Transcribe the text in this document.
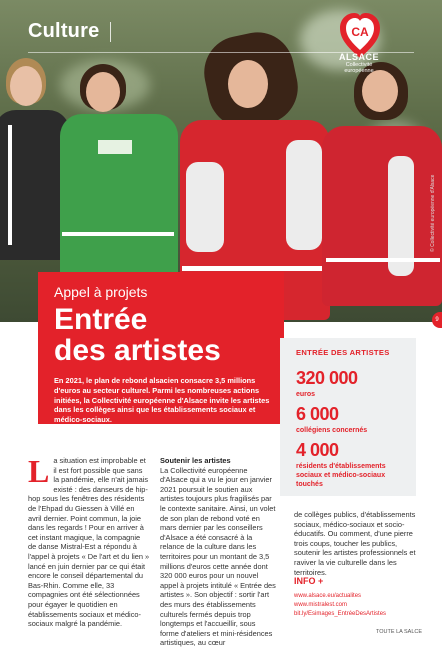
Culture	CA
ALSACE
Collectivité
européenne
© Collectivité européenne d'Alsace
Appel à projets
Entrée
des artistes
En 2021, le plan de rebond alsacien consacre 3,5 millions d'euros au secteur culturel. Parmi les nombreuses actions initiées, la Collectivité européenne d'Alsace invite les artistes dans les collèges ainsi que les établissements sociaux et médico-sociaux.
9
ENTRÉE DES ARTISTES
320 000
euros
6 000
collégiens concernés
4 000
résidents d'établissements sociaux et médico-sociaux touchés
La situation est improbable et il est fort possible que sans la pandémie, elle n'ait jamais existé : des danseurs de hip-hop sous les fenêtres des résidents de l'Ehpad du Giessen à Villé en avril dernier. Point commun, la joie dans les regards ! Pour en arriver à cet instant magique, la compagnie de danse Mistral-Est a répondu à l'appel à projets « De l'art et du lien » lancé en juin dernier par ce qui était encore le conseil départemental du Bas-Rhin. Comme elle, 33 compagnies ont été sélectionnées pour égayer le quotidien en établissements sociaux et médico-sociaux malgré la pandémie.
Soutenir les artistes
La Collectivité européenne d'Alsace qui a vu le jour en janvier 2021 poursuit le soutien aux artistes toujours plus fragilisés par le contexte sanitaire. Ainsi, un volet de son plan de rebond voté en mars dernier par les conseillers d'Alsace a été consacré à la relance de la culture dans les territoires pour un montant de 3,5 millions d'euros cette année dont 320 000 euros pour un nouvel appel à projets intitulé « Entrée des artistes ». Son objectif : sortir l'art des murs des établissements culturels fermés depuis trop longtemps et l'accueillir, sous forme d'ateliers et mini-résidences artistiques, au cœur
de collèges publics, d'établissements sociaux, médico-sociaux et socio-éducatifs. Ou comment, d'une pierre trois coups, toucher les publics, soutenir les artistes professionnels et raviver la vie culturelle dans les territoires.
INFO +
www.alsace.eu/actualites
www.mistralest.com
bit.ly/Esimages_EntréeDesArtistes
TOUTE LA SALCE
